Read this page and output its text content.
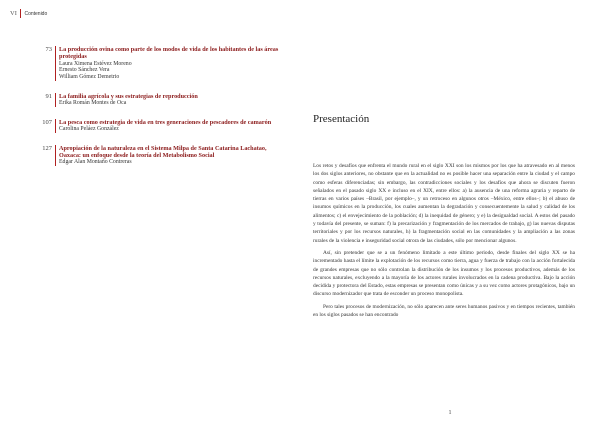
VI Contenido
73 La producción ovina como parte de los modos de vida de los habitantes de las áreas protegidas
Laura Ximena Estévez Moreno
Ernesto Sánchez Vera
William Gómez Demetrio
91 La familia agrícola y sus estrategias de reproducción
Erika Román Montes de Oca
107 La pesca como estrategia de vida en tres generaciones de pescadores de camarón
Carolina Peláez González
127 Apropiación de la naturaleza en el Sistema Milpa de Santa Catarina Lachatao, Oaxaca: un enfoque desde la teoría del Metabolismo Social
Edgar Alan Montaño Contreras
Presentación

Los retos y desafíos que enfrenta el mundo rural en el siglo XXI son los mismos por los que ha atravesado en al menos los dos siglos anteriores, no obstante que en la actualidad no es posible hacer una separación entre la ciudad y el campo como esferas diferenciadas; sin embargo, las contradicciones sociales y los desafíos que ahora se discuten fueron señalados en el pasado siglo XX e incluso en el XIX, entre ellos: a) la ausencia de una reforma agraria y reparto de tierras en varios países –Brasil, por ejemplo–, y un retroceso en algunos otros –México, entre ellos–; b) el abuso de insumos químicos en la producción, los cuales aumentan la degradación y consecuentemente la salud y calidad de los alimentos; c) el envejecimiento de la población; d) la inequidad de género; y e) la desigualdad social. A estos del pasado y todavía del presente, se suman: f) la precarización y fragmentación de los mercados de trabajo, g) las nuevas disputas territoriales y por los recursos naturales, h) la fragmentación social en las comunidades y la ampliación a las zonas rurales de la violencia e inseguridad social otrora de las ciudades, sólo por mencionar algunos.

Así, sin pretender que se a un fenómeno limitado a este último periodo, desde finales del siglo XX se ha incrementado hasta el límite la explotación de los recursos como tierra, agua y fuerza de trabajo con la acción fortalecida de grandes empresas que no sólo controlan la distribución de los insumos y los procesos productivos, además de los recursos naturales, excluyendo a la mayoría de los actores rurales involucrados en la cadena productiva. Bajo la acción decidida y protectora del Estado, estas empresas se presentan como únicas y a su vez como actores protagónicos, bajo un discurso modernizador que trata de esconder un proceso monopolista.

Pero tales procesos de modernización, no sólo aparecen ante seres humanos pasivos y en tiempos recientes, también en los siglos pasados se han encontrado

1
